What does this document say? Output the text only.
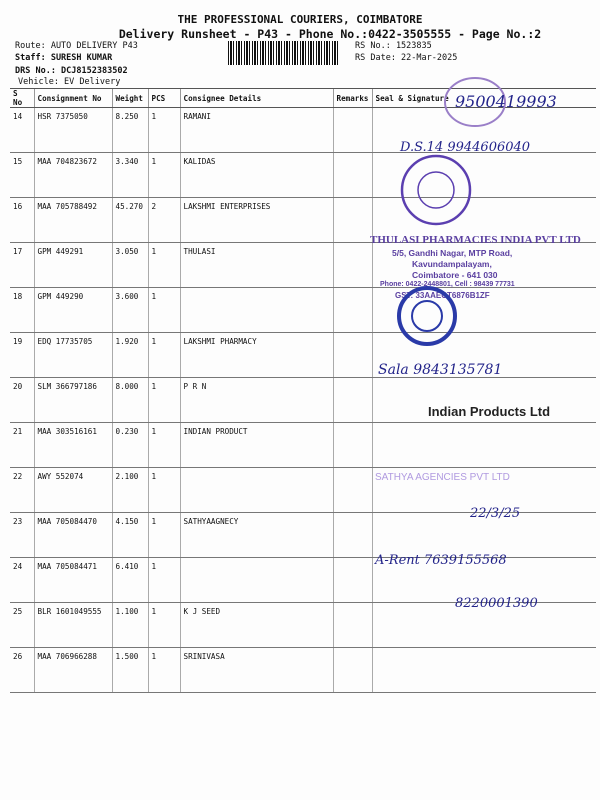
THE PROFESSIONAL COURIERS, COIMBATORE
Delivery Runsheet - P43 - Phone No.:0422-3505555 - Page No.:2
Route: AUTO DELIVERY P43
Staff: SURESH KUMAR
DRS No.: DCJ8152383502
Vehicle: EV Delivery
RS No.: 1523835
RS Date: 22-Mar-2025
S No	Consignment No	Weight	PCS	Consignee Details	Remarks	Seal & Signature
14	HSR 7375050	8.250	1	RAMANI		
15	MAA 704823672	3.340	1	KALIDAS		
16	MAA 705788492	45.270	2	LAKSHMI ENTERPRISES		
17	GPM 449291	3.050	1	THULASI		
18	GPM 449290	3.600	1			
19	EDQ 17735705	1.920	1	LAKSHMI PHARMACY		
20	SLM 366797186	8.000	1	P R N		
21	MAA 303516161	0.230	1	INDIAN PRODUCT		
22	AWY 552074	2.100	1			
23	MAA 705084470	4.150	1	SATHYAAGNECY		
24	MAA 705084471	6.410	1			
25	BLR 1601049555	1.100	1	K J SEED		
26	MAA 706966288	1.500	1	SRINIVASA		
9500419993
D.S.14 9944606040
THULASI PHARMACIES INDIA PVT LTD
5/5, Gandhi Nagar, MTP Road,
Kavundampalayam,
Coimbatore - 641 030
Phone: 0422-2448801, Cell : 98439 77731
GST: 33AAECT6876B1ZF
Sala 9843135781
Indian Products Ltd
SATHYA AGENCIES PVT LTD
22/3/25
A-Rent 7639155568
8220001390
